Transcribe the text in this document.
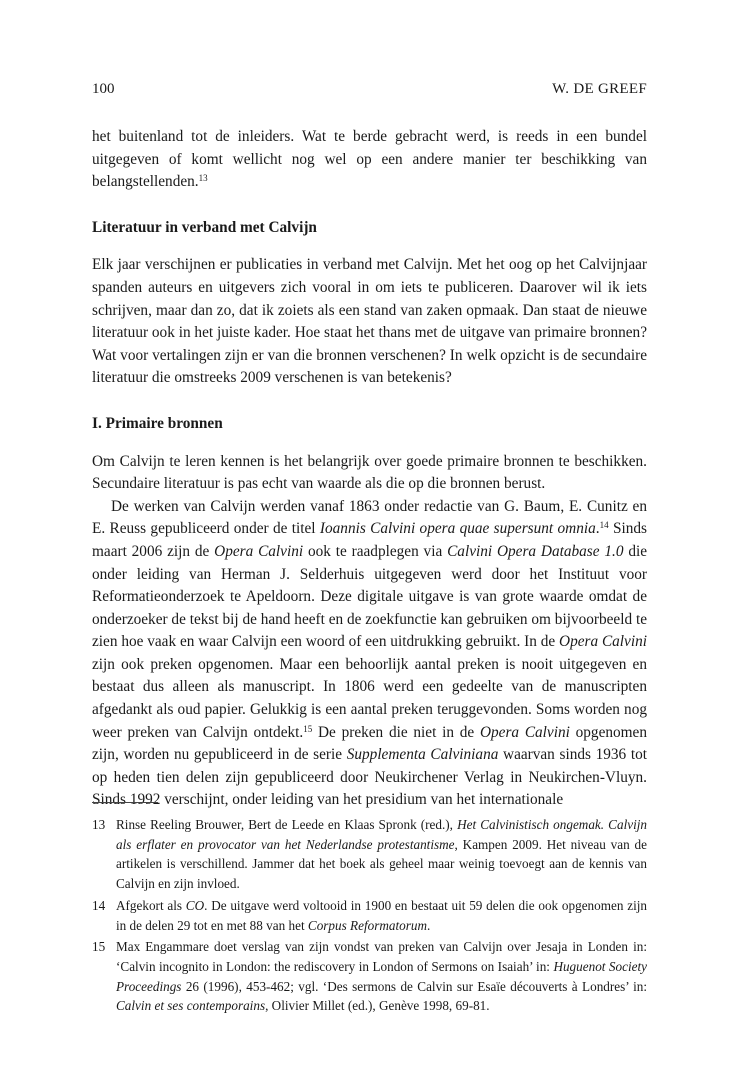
100	W. DE GREEF

het buitenland tot de inleiders. Wat te berde gebracht werd, is reeds in een bundel uitgegeven of komt wellicht nog wel op een andere manier ter beschikking van belangstellenden.$^{13}$

Literatuur in verband met Calvijn

Elk jaar verschijnen er publicaties in verband met Calvijn. Met het oog op het Calvijnjaar spanden auteurs en uitgevers zich vooral in om iets te publiceren. Daarover wil ik iets schrijven, maar dan zo, dat ik zoiets als een stand van zaken opmaak. Dan staat de nieuwe literatuur ook in het juiste kader. Hoe staat het thans met de uitgave van primaire bronnen? Wat voor vertalingen zijn er van die bronnen verschenen? In welk opzicht is de secundaire literatuur die omstreeks 2009 verschenen is van betekenis?

I. Primaire bronnen

Om Calvijn te leren kennen is het belangrijk over goede primaire bronnen te beschikken. Secundaire literatuur is pas echt van waarde als die op die bronnen berust.

De werken van Calvijn werden vanaf 1863 onder redactie van G. Baum, E. Cunitz en E. Reuss gepubliceerd onder de titel Ioannis Calvini opera quae supersunt omnia.$^{14}$ Sinds maart 2006 zijn de Opera Calvini ook te raadplegen via Calvini Opera Database 1.0 die onder leiding van Herman J. Selderhuis uitgegeven werd door het Instituut voor Reformatieonderzoek te Apeldoorn. Deze digitale uitgave is van grote waarde omdat de onderzoeker de tekst bij de hand heeft en de zoekfunctie kan gebruiken om bijvoorbeeld te zien hoe vaak en waar Calvijn een woord of een uitdrukking gebruikt. In de Opera Calvini zijn ook preken opgenomen. Maar een behoorlijk aantal preken is nooit uitgegeven en bestaat dus alleen als manuscript. In 1806 werd een gedeelte van de manuscripten afgedankt als oud papier. Gelukkig is een aantal preken teruggevonden. Soms worden nog weer preken van Calvijn ontdekt.$^{15}$ De preken die niet in de Opera Calvini opgenomen zijn, worden nu gepubliceerd in de serie Supplementa Calviniana waarvan sinds 1936 tot op heden tien delen zijn gepubliceerd door Neukirchener Verlag in Neukirchen-Vluyn. Sinds 1992 verschijnt, onder leiding van het presidium van het internationale

13 Rinse Reeling Brouwer, Bert de Leede en Klaas Spronk (red.), Het Calvinistisch ongemak. Calvijn als erflater en provocator van het Nederlandse protestantisme, Kampen 2009. Het niveau van de artikelen is verschillend. Jammer dat het boek als geheel maar weinig toevoegt aan de kennis van Calvijn en zijn invloed.
14 Afgekort als CO. De uitgave werd voltooid in 1900 en bestaat uit 59 delen die ook opgenomen zijn in de delen 29 tot en met 88 van het Corpus Reformatorum.
15 Max Engammare doet verslag van zijn vondst van preken van Calvijn over Jesaja in Londen in: ‘Calvin incognito in London: the rediscovery in London of Sermons on Isaiah’ in: Huguenot Society Proceedings 26 (1996), 453-462; vgl. ‘Des sermons de Calvin sur Esaïe découverts à Londres’ in: Calvin et ses contemporains, Olivier Millet (ed.), Genève 1998, 69-81.
